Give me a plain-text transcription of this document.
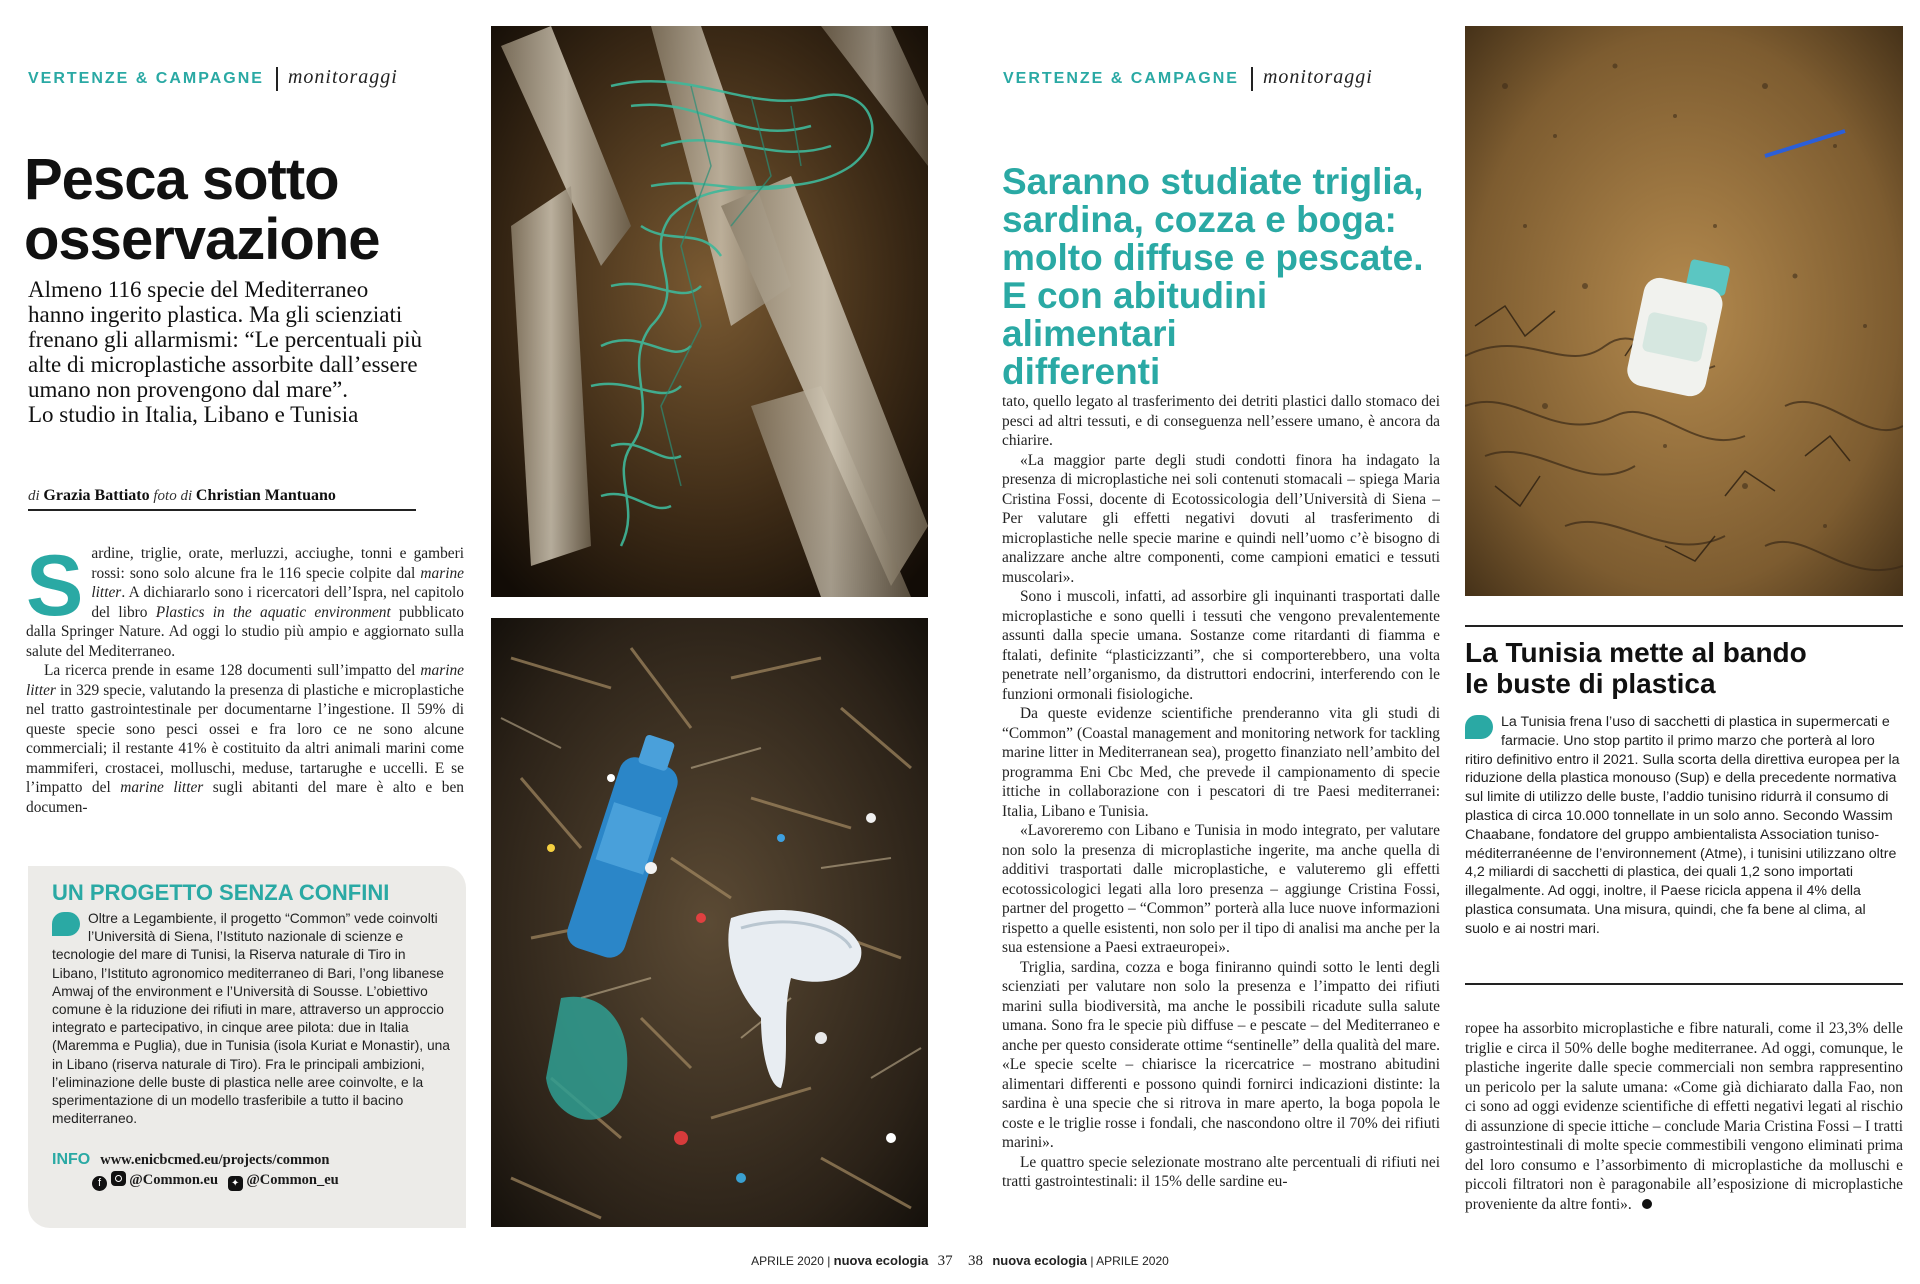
VERTENZE & CAMPAGNE monitoraggi
Pesca sotto
osservazione
Almeno 116 specie del Mediterraneo
hanno ingerito plastica. Ma gli scienziati
frenano gli allarmismi: “Le percentuali più
alte di microplastiche assorbite dall’essere
umano non provengono dal mare”.
Lo studio in Italia, Libano e Tunisia
di Grazia Battiato foto di Christian Mantuano

Sardine, triglie, orate, merluzzi, acciughe, tonni e gamberi rossi: sono solo alcune fra le 116 specie colpite dal marine litter. A dichiararlo sono i ricercatori dell’Ispra, nel capitolo del libro Plastics in the aquatic environment pubblicato dalla Springer Nature. Ad oggi lo studio più ampio e aggiornato sulla salute del Mediterraneo.

La ricerca prende in esame 128 documenti sull’impatto del marine litter in 329 specie, valutando la presenza di plastiche e microplastiche nel tratto gastrointestinale per documentarne l’ingestione. Il 59% di queste specie sono pesci ossei e fra loro ce ne sono alcune commerciali; il restante 41% è costituito da altri animali marini come mammiferi, crostacei, molluschi, meduse, tartarughe e uccelli. E se l’impatto del marine litter sugli abitanti del mare è alto e ben documen-

UN PROGETTO SENZA CONFINI
Oltre a Legambiente, il progetto “Common” vede coinvolti l’Università di Siena, l’Istituto nazionale di scienze e tecnologie del mare di Tunisi, la Riserva naturale di Tiro in Libano, l’Istituto agronomico mediterraneo di Bari, l’ong libanese Amwaj of the environment e l’Università di Sousse. L’obiettivo comune è la riduzione dei rifiuti in mare, attraverso un approccio integrato e partecipativo, in cinque aree pilota: due in Italia (Maremma e Puglia), due in Tunisia (isola Kuriat e Monastir), una in Libano (riserva naturale di Tiro). Fra le principali ambizioni, l’eliminazione delle buste di plastica nelle aree coinvolte, e la sperimentazione di un modello trasferibile a tutto il bacino mediterraneo.
INFO www.enicbcmed.eu/projects/common
f @Common.eu ✦ @Common_eu
VERTENZE & CAMPAGNE monitoraggi
Saranno studiate triglia,
sardina, cozza e boga:
molto diffuse e pescate.
E con abitudini alimentari
differenti

tato, quello legato al trasferimento dei detriti plastici dallo stomaco dei pesci ad altri tessuti, e di conseguenza nell’essere umano, è ancora da chiarire.

«La maggior parte degli studi condotti finora ha indagato la presenza di microplastiche nei soli contenuti stomacali – spiega Maria Cristina Fossi, docente di Ecotossicologia dell’Università di Siena – Per valutare gli effetti negativi dovuti al trasferimento di microplastiche nelle specie marine e quindi nell’uomo c’è bisogno di analizzare anche altre componenti, come campioni ematici e tessuti muscolari».

Sono i muscoli, infatti, ad assorbire gli inquinanti trasportati dalle microplastiche e sono quelli i tessuti che vengono prevalentemente assunti dalla specie umana. Sostanze come ritardanti di fiamma e ftalati, definite “plasticizzanti”, che si comporterebbero, una volta penetrate nell’organismo, da distruttori endocrini, interferendo con le funzioni ormonali fisiologiche.

Da queste evidenze scientifiche prenderanno vita gli studi di “Common” (Coastal management and monitoring network for tackling marine litter in Mediterranean sea), progetto finanziato nell’ambito del programma Eni Cbc Med, che prevede il campionamento di specie ittiche in collaborazione con i pescatori di tre Paesi mediterranei: Italia, Libano e Tunisia.

«Lavoreremo con Libano e Tunisia in modo integrato, per valutare non solo la presenza di microplastiche ingerite, ma anche quella di additivi trasportati dalle microplastiche, e valuteremo gli effetti ecotossicologici legati alla loro presenza – aggiunge Cristina Fossi, partner del progetto – “Common” porterà alla luce nuove informazioni rispetto a quelle esistenti, non solo per il tipo di analisi ma anche per la sua estensione a Paesi extraeuropei».

Triglia, sardina, cozza e boga finiranno quindi sotto le lenti degli scienziati per valutare non solo la presenza e l’impatto dei rifiuti marini sulla biodiversità, ma anche le possibili ricadute sulla salute umana. Sono fra le specie più diffuse – e pescate – del Mediterraneo e anche per questo considerate ottime “sentinelle” della qualità del mare. «Le specie scelte – chiarisce la ricercatrice – mostrano abitudini alimentari differenti e possono quindi fornirci indicazioni distinte: la sardina è una specie che si ritrova in mare aperto, la boga popola le coste e le triglie rosse i fondali, che nascondono oltre il 70% dei rifiuti marini».

Le quattro specie selezionate mostrano alte percentuali di rifiuti nei tratti gastrointestinali: il 15% delle sardine eu-

La Tunisia mette al bando
le buste di plastica
La Tunisia frena l’uso di sacchetti di plastica in supermercati e farmacie. Uno stop partito il primo marzo che porterà al loro ritiro definitivo entro il 2021. Sulla scorta della direttiva europea per la riduzione della plastica monouso (Sup) e della precedente normativa sul limite di utilizzo delle buste, l’addio tunisino ridurrà il consumo di plastica di circa 10.000 tonnellate in un solo anno. Secondo Wassim Chaabane, fondatore del gruppo ambientalista Association tuniso-méditerranéenne de l’environnement (Atme), i tunisini utilizzano oltre 4,2 miliardi di sacchetti di plastica, dei quali 1,2 sono importati illegalmente. Ad oggi, inoltre, il Paese ricicla appena il 4% della plastica consumata. Una misura, quindi, che fa bene al clima, al suolo e ai nostri mari.

ropee ha assorbito microplastiche e fibre naturali, come il 23,3% delle triglie e circa il 50% delle boghe mediterranee. Ad oggi, comunque, le plastiche ingerite dalle specie commerciali non sembra rappresentino un pericolo per la salute umana: «Come già dichiarato dalla Fao, non ci sono ad oggi evidenze scientifiche di effetti negativi legati al rischio di assunzione di specie ittiche – conclude Maria Cristina Fossi – I tratti gastrointestinali di molte specie commestibili vengono eliminati prima del loro consumo e l’assorbimento di microplastiche da molluschi e piccoli filtratori non è paragonabile all’esposizione di microplastiche proveniente da altre fonti».

APRILE 2020 | nuova ecologia 37 38 nuova ecologia | APRILE 2020
